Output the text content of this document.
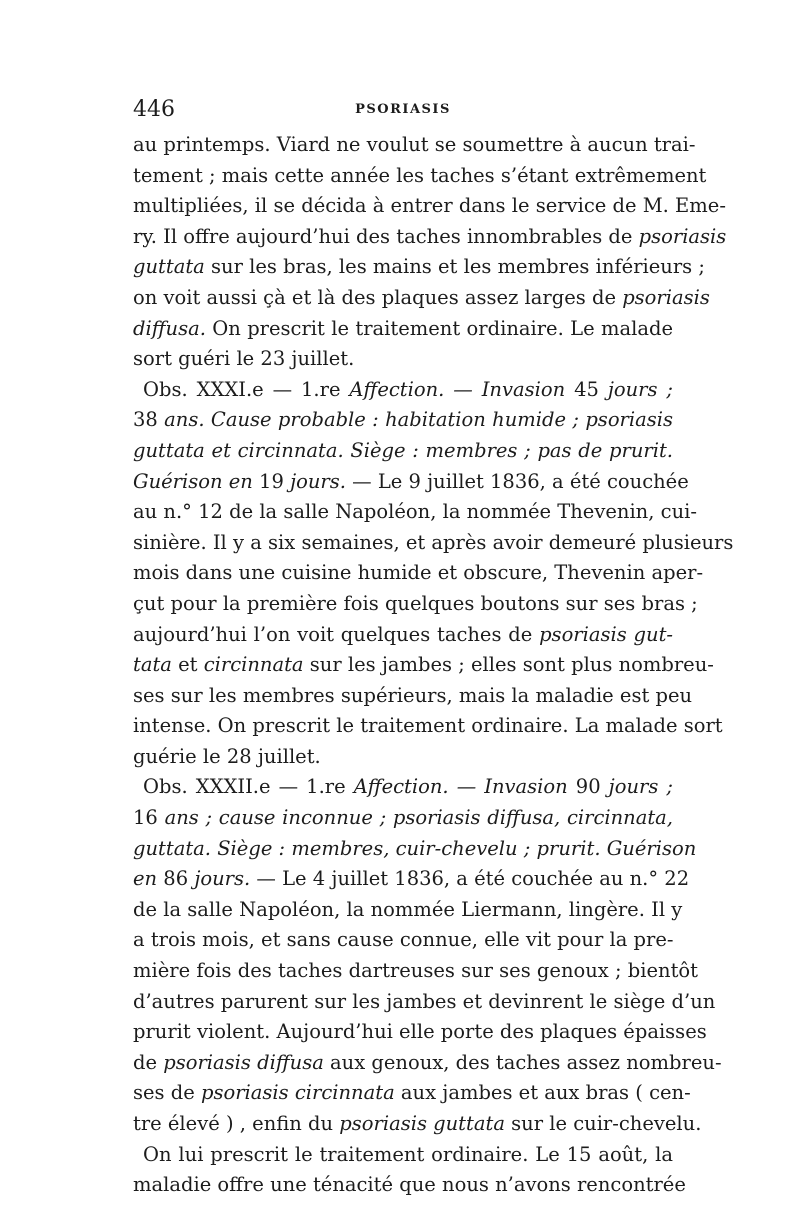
446	PSORIASIS
au printemps. Viard ne voulut se soumettre à aucun trai-
tement ; mais cette année les taches s’étant extrêmement
multipliées, il se décida à entrer dans le service de M. Eme-
ry. Il offre aujourd’hui des taches innombrables de psoriasis
guttata sur les bras, les mains et les membres inférieurs ;
on voit aussi çà et là des plaques assez larges de psoriasis
diffusa. On prescrit le traitement ordinaire. Le malade
sort guéri le 23 juillet.
Obs. XXXI.e — 1.re Affection. — Invasion 45 jours ;
38 ans. Cause probable : habitation humide ; psoriasis
guttata et circinnata. Siège : membres ; pas de prurit.
Guérison en 19 jours. — Le 9 juillet 1836, a été couchée
au n.° 12 de la salle Napoléon, la nommée Thevenin, cui-
sinière. Il y a six semaines, et après avoir demeuré plusieurs
mois dans une cuisine humide et obscure, Thevenin aper-
çut pour la première fois quelques boutons sur ses bras ;
aujourd’hui l’on voit quelques taches de psoriasis gut-
tata et circinnata sur les jambes ; elles sont plus nombreu-
ses sur les membres supérieurs, mais la maladie est peu
intense. On prescrit le traitement ordinaire. La malade sort
guérie le 28 juillet.
Obs. XXXII.e — 1.re Affection. — Invasion 90 jours ;
16 ans ; cause inconnue ; psoriasis diffusa, circinnata,
guttata. Siège : membres, cuir-chevelu ; prurit. Guérison
en 86 jours. — Le 4 juillet 1836, a été couchée au n.° 22
de la salle Napoléon, la nommée Liermann, lingère. Il y
a trois mois, et sans cause connue, elle vit pour la pre-
mière fois des taches dartreuses sur ses genoux ; bientôt
d’autres parurent sur les jambes et devinrent le siège d’un
prurit violent. Aujourd’hui elle porte des plaques épaisses
de psoriasis diffusa aux genoux, des taches assez nombreu-
ses de psoriasis circinnata aux jambes et aux bras ( cen-
tre élevé ) , enfin du psoriasis guttata sur le cuir-chevelu.
On lui prescrit le traitement ordinaire. Le 15 août, la
maladie offre une ténacité que nous n’avons rencontrée
